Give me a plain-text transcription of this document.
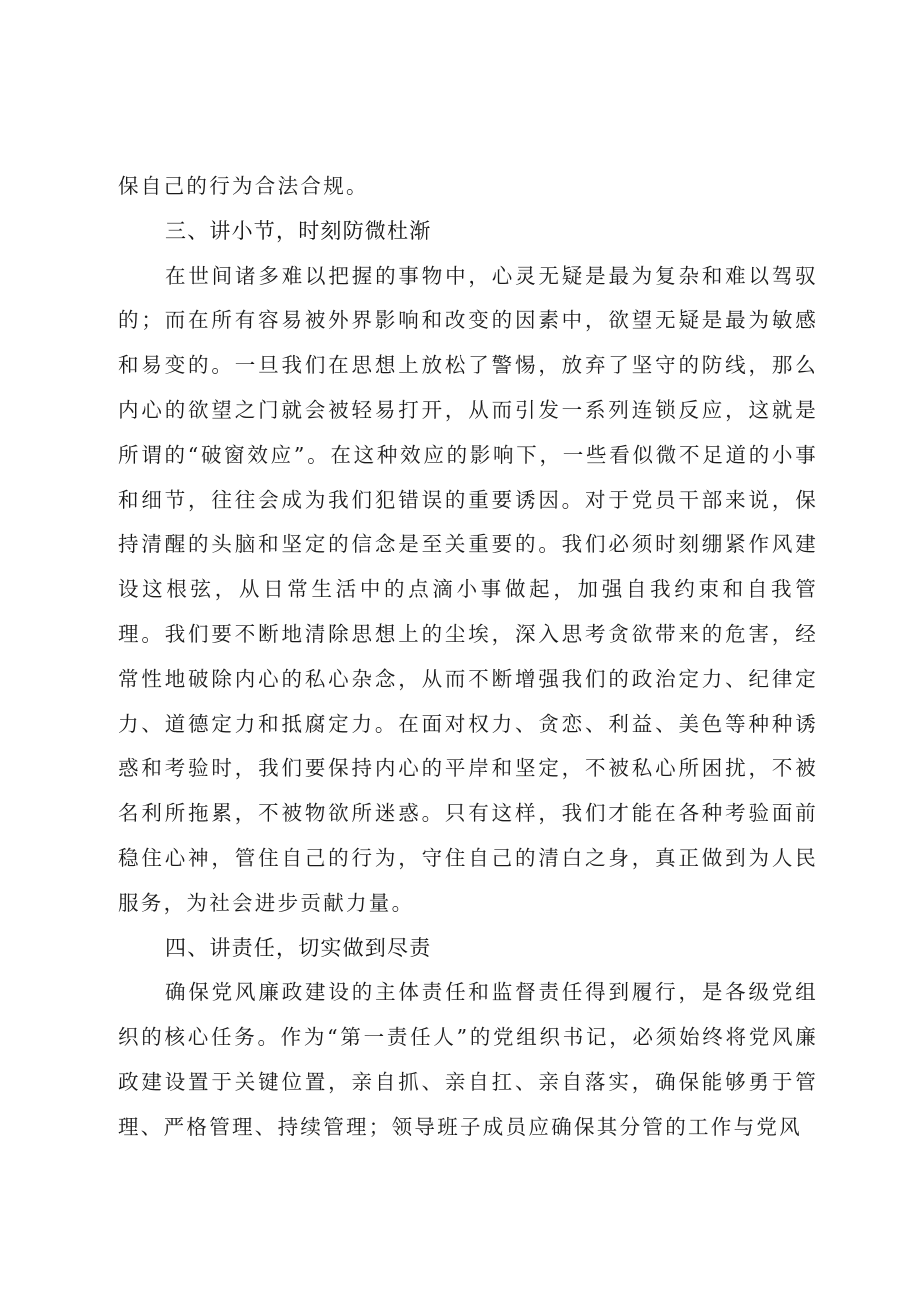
保自己的行为合法合规。

三、讲小节，时刻防微杜渐

在世间诸多难以把握的事物中，心灵无疑是最为复杂和难以驾驭的；而在所有容易被外界影响和改变的因素中，欲望无疑是最为敏感和易变的。一旦我们在思想上放松了警惕，放弃了坚守的防线，那么内心的欲望之门就会被轻易打开，从而引发一系列连锁反应，这就是所谓的“破窗效应”。在这种效应的影响下，一些看似微不足道的小事和细节，往往会成为我们犯错误的重要诱因。对于党员干部来说，保持清醒的头脑和坚定的信念是至关重要的。我们必须时刻绷紧作风建设这根弦，从日常生活中的点滴小事做起，加强自我约束和自我管理。我们要不断地清除思想上的尘埃，深入思考贪欲带来的危害，经常性地破除内心的私心杂念，从而不断增强我们的政治定力、纪律定力、道德定力和抵腐定力。在面对权力、贪恋、利益、美色等种种诱惑和考验时，我们要保持内心的平岸和坚定，不被私心所困扰，不被名利所拖累，不被物欲所迷惑。只有这样，我们才能在各种考验面前稳住心神，管住自己的行为，守住自己的清白之身，真正做到为人民服务，为社会进步贡献力量。

四、讲责任，切实做到尽责

确保党风廉政建设的主体责任和监督责任得到履行，是各级党组织的核心任务。作为“第一责任人”的党组织书记，必须始终将党风廉政建设置于关键位置，亲自抓、亲自扛、亲自落实，确保能够勇于管理、严格管理、持续管理；领导班子成员应确保其分管的工作与党风
